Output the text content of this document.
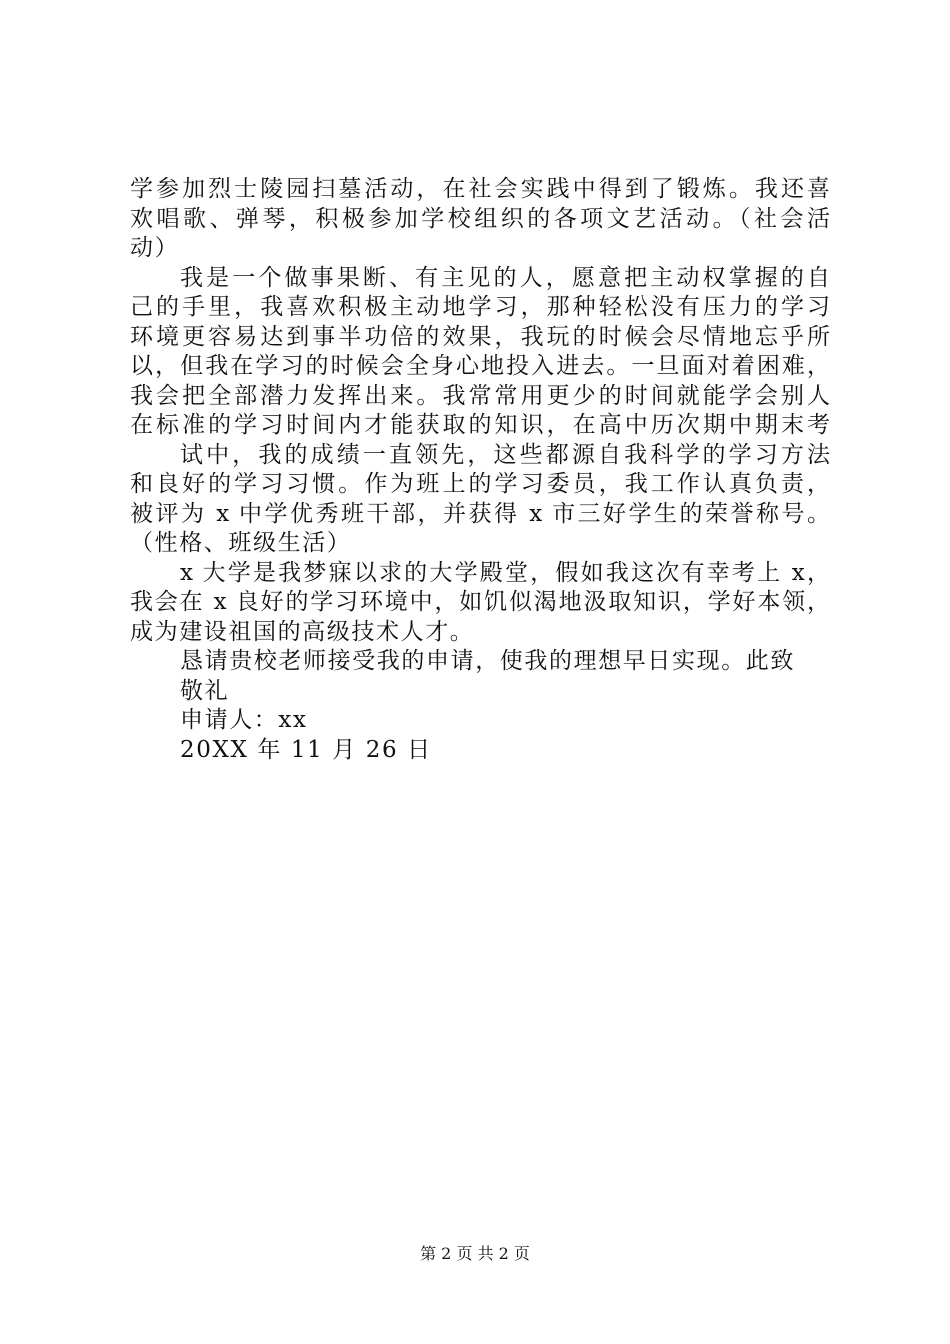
学参加烈士陵园扫墓活动，在社会实践中得到了锻炼。我还喜
欢唱歌、弹琴，积极参加学校组织的各项文艺活动。（社会活
动）
我是一个做事果断、有主见的人，愿意把主动权掌握的自
己的手里，我喜欢积极主动地学习，那种轻松没有压力的学习
环境更容易达到事半功倍的效果，我玩的时候会尽情地忘乎所
以，但我在学习的时候会全身心地投入进去。一旦面对着困难，
我会把全部潜力发挥出来。我常常用更少的时间就能学会别人
在标准的学习时间内才能获取的知识，在高中历次期中期末考
试中，我的成绩一直领先，这些都源自我科学的学习方法
和良好的学习习惯。作为班上的学习委员，我工作认真负责，
被评为 x 中学优秀班干部，并获得 x 市三好学生的荣誉称号。
（性格、班级生活）
x 大学是我梦寐以求的大学殿堂，假如我这次有幸考上 x，
我会在 x 良好的学习环境中，如饥似渴地汲取知识，学好本领，
成为建设祖国的高级技术人才。
恳请贵校老师接受我的申请，使我的理想早日实现。此致
敬礼
申请人：xx
20XX 年 11 月 26 日
第 2 页 共 2 页
